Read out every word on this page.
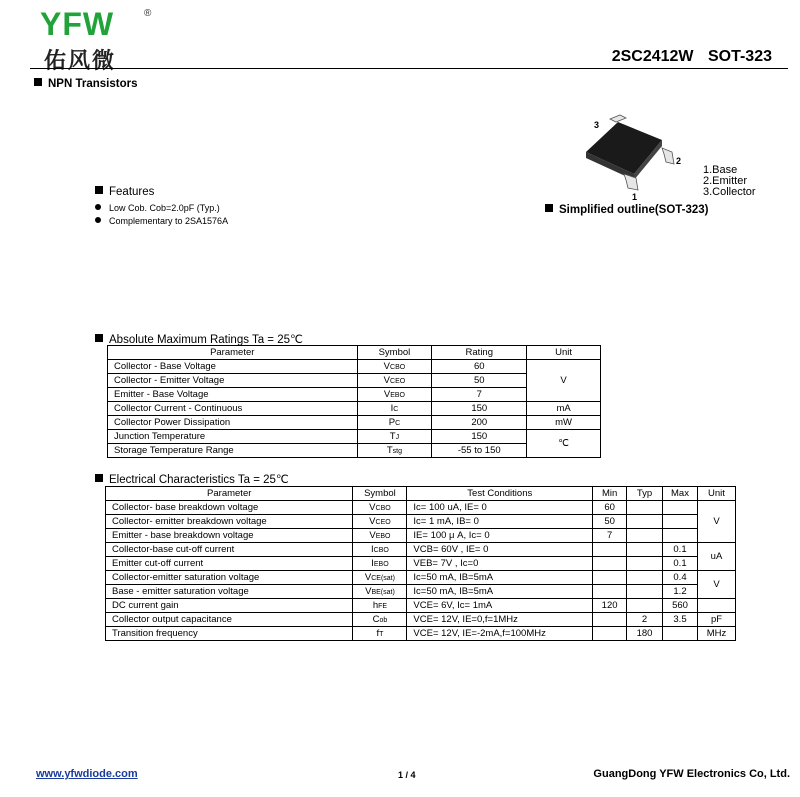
YFW	®
佑风微	2SC2412W SOT-323
NPN Transistors
3
2
1
1.Base
2.Emitter
3.Collector
Simplified outline(SOT-323)
Features
Low Cob. Cob=2.0pF (Typ.)
Complementary to 2SA1576A
Absolute Maximum Ratings Ta = 25℃
Parameter	Symbol	Rating	Unit
Collector - Base Voltage	VCBO	60	V
Collector - Emitter Voltage	VCEO	50	
Emitter - Base Voltage	VEBO	7	
Collector Current - Continuous	IC	150	mA
Collector Power Dissipation	PC	200	mW
Junction Temperature	TJ	150	℃
Storage Temperature Range	Tstg	-55 to 150	
Electrical Characteristics Ta = 25℃
Parameter	Symbol	Test Conditions	Min	Typ	Max	Unit
Collector- base breakdown voltage	VCBO	Ic= 100 uA, IE= 0	60			V
Collector- emitter breakdown voltage	VCEO	Ic= 1 mA, IB= 0	50			
Emitter - base breakdown voltage	VEBO	IE= 100 μ A, Ic= 0	7			
Collector-base cut-off current	ICBO	VCB= 60V , IE= 0			0.1	uA
Emitter cut-off current	IEBO	VEB= 7V , Ic=0			0.1	
Collector-emitter saturation voltage	VCE(sat)	Ic=50 mA, IB=5mA			0.4	V
Base - emitter saturation voltage	VBE(sat)	Ic=50 mA, IB=5mA			1.2	
DC current gain	hFE	VCE= 6V, Ic= 1mA	120		560	
Collector output capacitance	Cob	VCE= 12V, IE=0,f=1MHz		2	3.5	pF
Transition frequency	fT	VCE= 12V, IE=-2mA,f=100MHz		180		MHz
www.yfwdiode.com	1 / 4	GuangDong YFW Electronics Co, Ltd.
